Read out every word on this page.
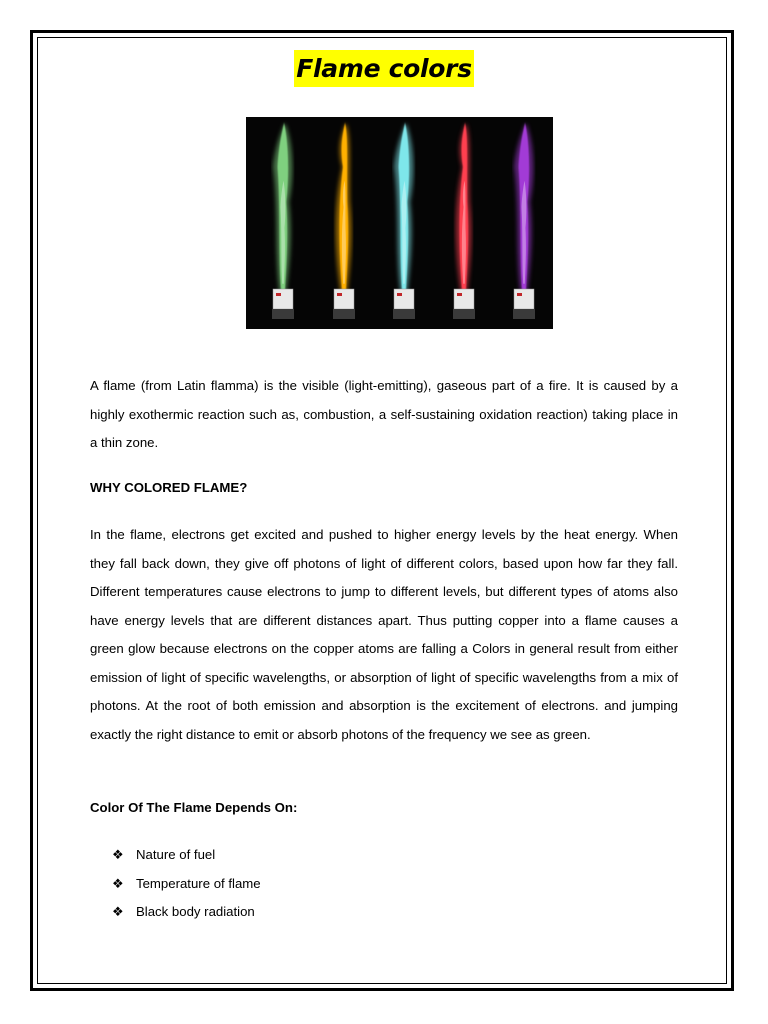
Flame colors
A flame (from Latin flamma) is the visible (light-emitting), gaseous part of a fire. It is caused by a highly exothermic reaction such as, combustion, a self-sustaining oxidation reaction) taking place in a thin zone.
WHY COLORED FLAME?
In the flame, electrons get excited and pushed to higher energy levels by the heat energy. When they fall back down, they give off photons of light of different colors, based upon how far they fall. Different temperatures cause electrons to jump to different levels, but different types of atoms also have energy levels that are different distances apart. Thus putting copper into a flame causes a green glow because electrons on the copper atoms are falling a Colors in general result from either emission of light of specific wavelengths, or absorption of light of specific wavelengths from a mix of photons. At the root of both emission and absorption is the excitement of electrons. and jumping exactly the right distance to emit or absorb photons of the frequency we see as green.
Color Of The Flame Depends On:
❖ Nature of fuel
❖ Temperature of flame
❖ Black body radiation
